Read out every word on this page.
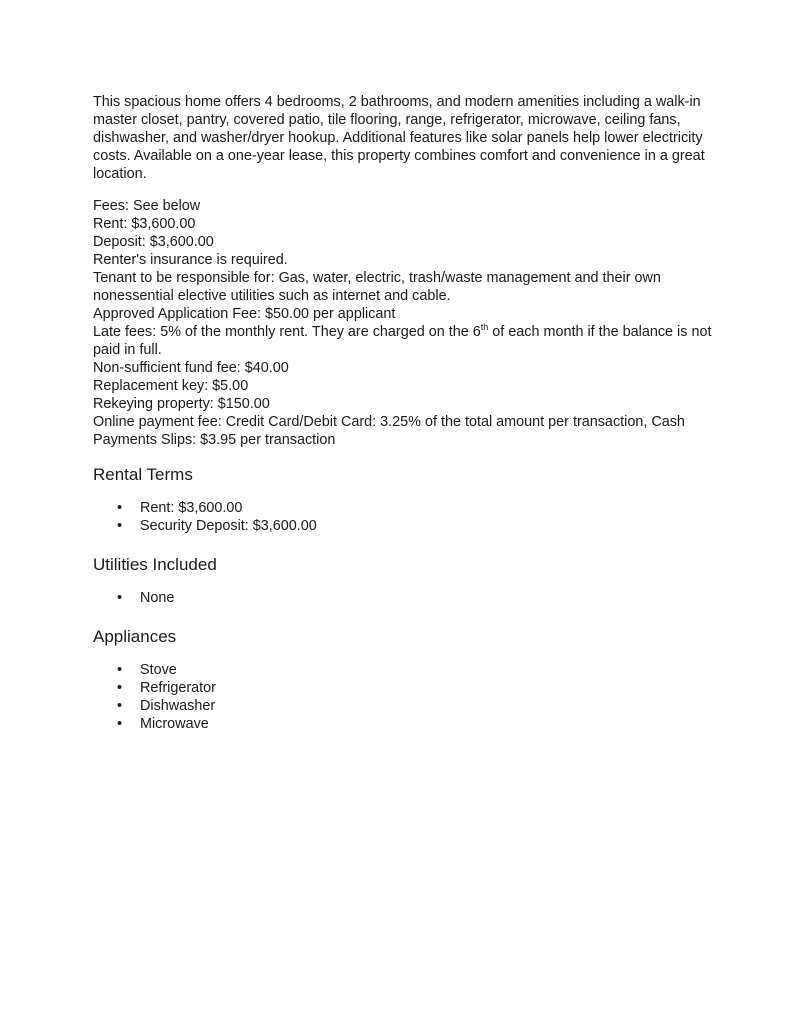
This spacious home offers 4 bedrooms, 2 bathrooms, and modern amenities including a walk-in master closet, pantry, covered patio, tile flooring, range, refrigerator, microwave, ceiling fans, dishwasher, and washer/dryer hookup. Additional features like solar panels help lower electricity costs. Available on a one-year lease, this property combines comfort and convenience in a great location.

Fees: See below
Rent: $3,600.00
Deposit: $3,600.00
Renter's insurance is required.
Tenant to be responsible for: Gas, water, electric, trash/waste management and their own nonessential elective utilities such as internet and cable.
Approved Application Fee: $50.00 per applicant
Late fees: 5% of the monthly rent. They are charged on the 6th of each month if the balance is not paid in full.
Non-sufficient fund fee: $40.00
Replacement key: $5.00
Rekeying property: $150.00
Online payment fee: Credit Card/Debit Card: 3.25% of the total amount per transaction, Cash Payments Slips: $3.95 per transaction
Rental Terms
• Rent: $3,600.00
• Security Deposit: $3,600.00
Utilities Included
• None
Appliances
• Stove
• Refrigerator
• Dishwasher
• Microwave
